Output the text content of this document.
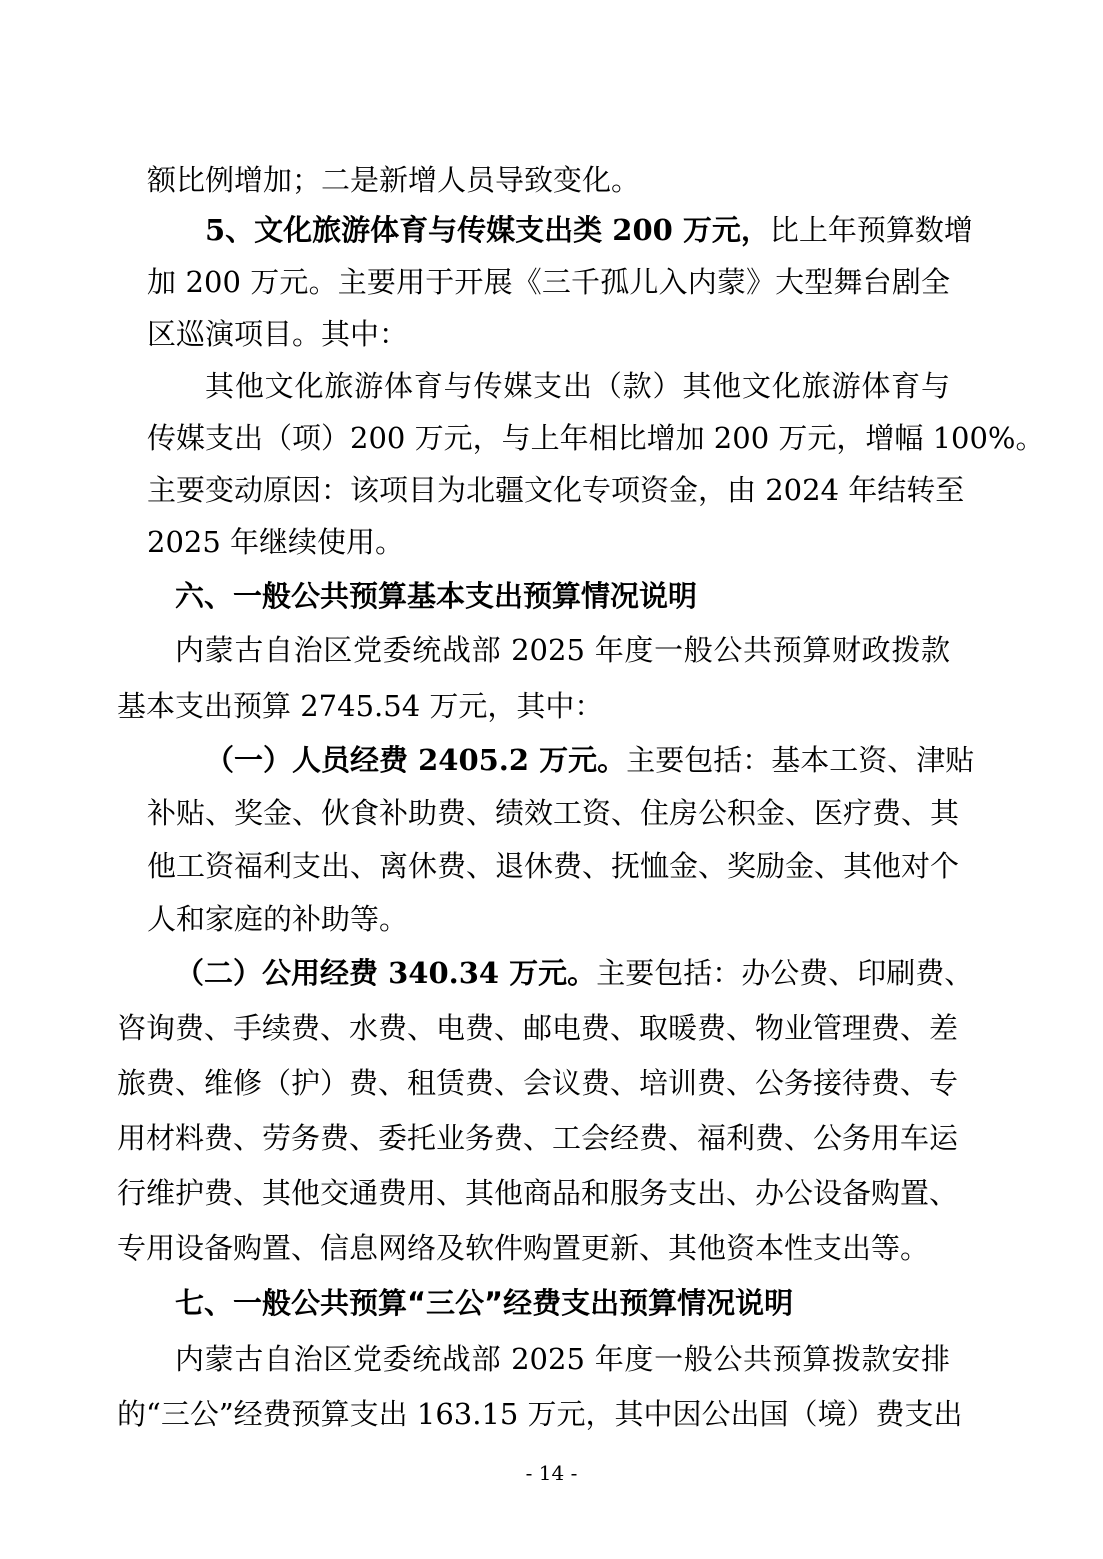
额比例增加；二是新增人员导致变化。
5、文化旅游体育与传媒支出类 200 万元，比上年预算数增
加 200 万元。主要用于开展《三千孤儿入内蒙》大型舞台剧全
区巡演项目。其中：
其他文化旅游体育与传媒支出（款）其他文化旅游体育与
传媒支出（项）200 万元，与上年相比增加 200 万元，增幅 100%。
主要变动原因：该项目为北疆文化专项资金，由 2024 年结转至
2025 年继续使用。
六、一般公共预算基本支出预算情况说明
内蒙古自治区党委统战部 2025 年度一般公共预算财政拨款
基本支出预算 2745.54 万元，其中：
（一）人员经费 2405.2 万元。主要包括：基本工资、津贴
补贴、奖金、伙食补助费、绩效工资、住房公积金、医疗费、其
他工资福利支出、离休费、退休费、抚恤金、奖励金、其他对个
人和家庭的补助等。
（二）公用经费 340.34 万元。主要包括：办公费、印刷费、
咨询费、手续费、水费、电费、邮电费、取暖费、物业管理费、差
旅费、维修（护）费、租赁费、会议费、培训费、公务接待费、专
用材料费、劳务费、委托业务费、工会经费、福利费、公务用车运
行维护费、其他交通费用、其他商品和服务支出、办公设备购置、
专用设备购置、信息网络及软件购置更新、其他资本性支出等。
七、一般公共预算“三公”经费支出预算情况说明
内蒙古自治区党委统战部 2025 年度一般公共预算拨款安排
的“三公”经费预算支出 163.15 万元，其中因公出国（境）费支出
- 14 -
